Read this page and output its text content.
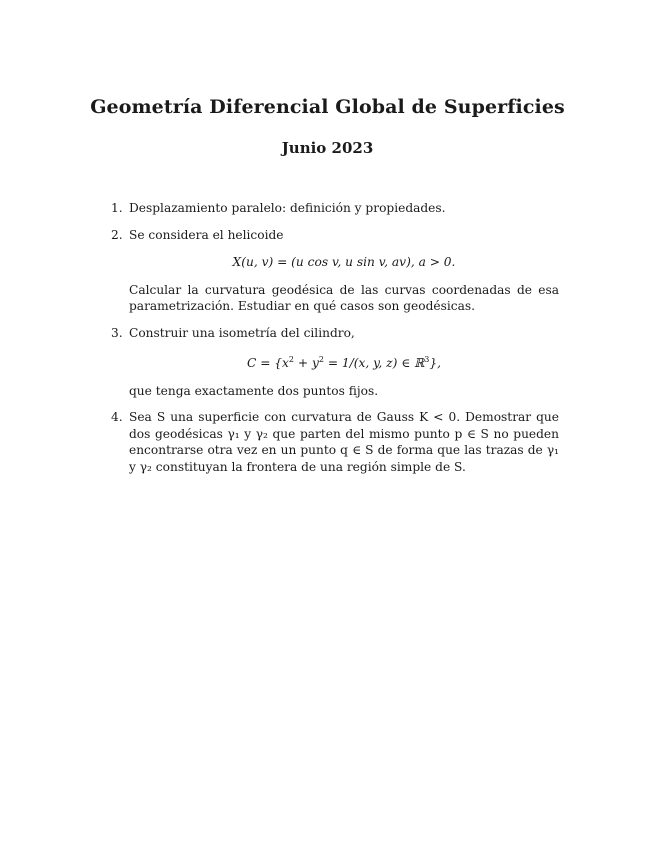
Geometría Diferencial Global de Superficies
Junio 2023
1. Desplazamiento paralelo: definición y propiedades.
2. Se considera el helicoide
X(u, v) = (u cos v, u sin v, av), a > 0.
Calcular la curvatura geodésica de las curvas coordenadas de esa parametrización. Estudiar en qué casos son geodésicas.
3. Construir una isometría del cilindro,
$C = \{x^2 + y^2 = 1/(x$, y, z) ∈ ℝ$^3$},
que tenga exactamente dos puntos fijos.
4. Sea S una superficie con curvatura de Gauss K < 0. Demostrar que dos geodésicas γ₁ y γ₂ que parten del mismo punto p ∈ S no pueden encontrarse otra vez en un punto q ∈ S de forma que las trazas de γ₁ y γ₂ constituyan la frontera de una región simple de S.
